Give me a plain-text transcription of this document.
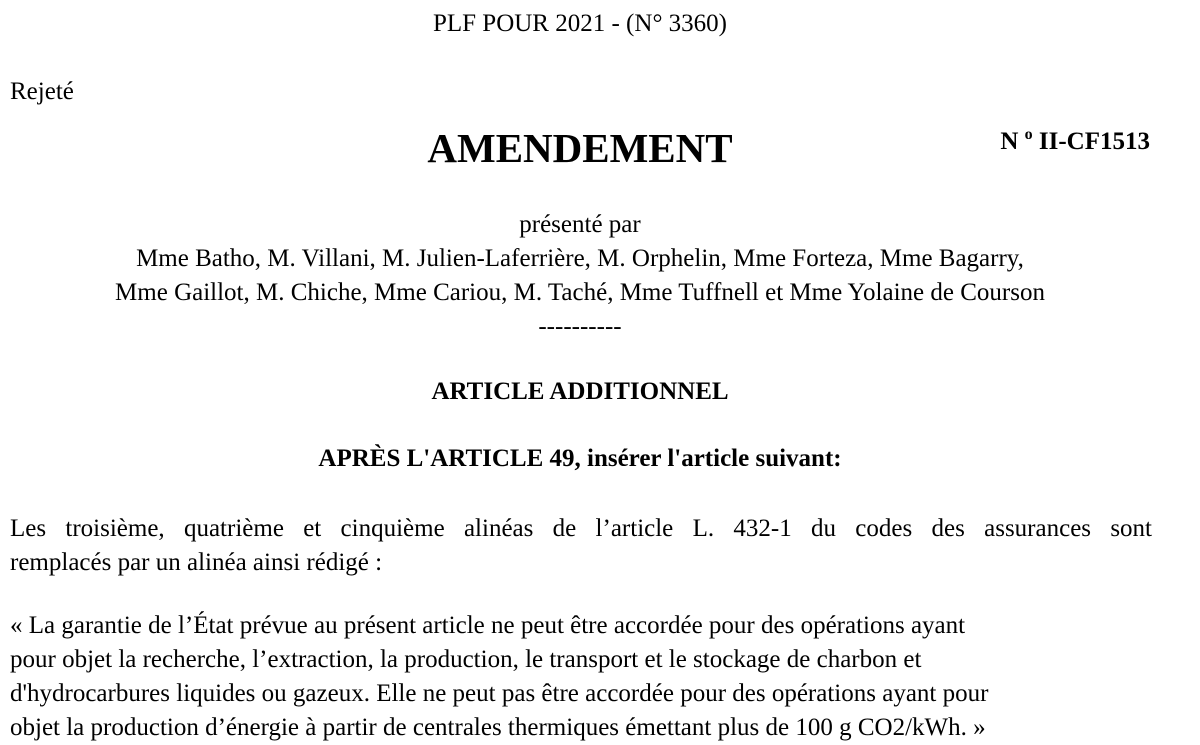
PLF POUR 2021 - (N° 3360)
Rejeté
AMENDEMENT	N $^o$ II-CF1513
présenté par
Mme Batho, M. Villani, M. Julien-Laferrière, M. Orphelin, Mme Forteza, Mme Bagarry,
Mme Gaillot, M. Chiche, Mme Cariou, M. Taché, Mme Tuffnell et Mme Yolaine de Courson
----------
ARTICLE ADDITIONNEL
APRÈS L'ARTICLE 49, insérer l'article suivant:
Les troisième, quatrième et cinquième alinéas de l’article L. 432-1 du codes des assurances sont
remplacés par un alinéa ainsi rédigé :
« La garantie de l’État prévue au présent article ne peut être accordée pour des opérations ayant
pour objet la recherche, l’extraction, la production, le transport et le stockage de charbon et
d'hydrocarbures liquides ou gazeux. Elle ne peut pas être accordée pour des opérations ayant pour
objet la production d’énergie à partir de centrales thermiques émettant plus de 100 g CO2/kWh. »
